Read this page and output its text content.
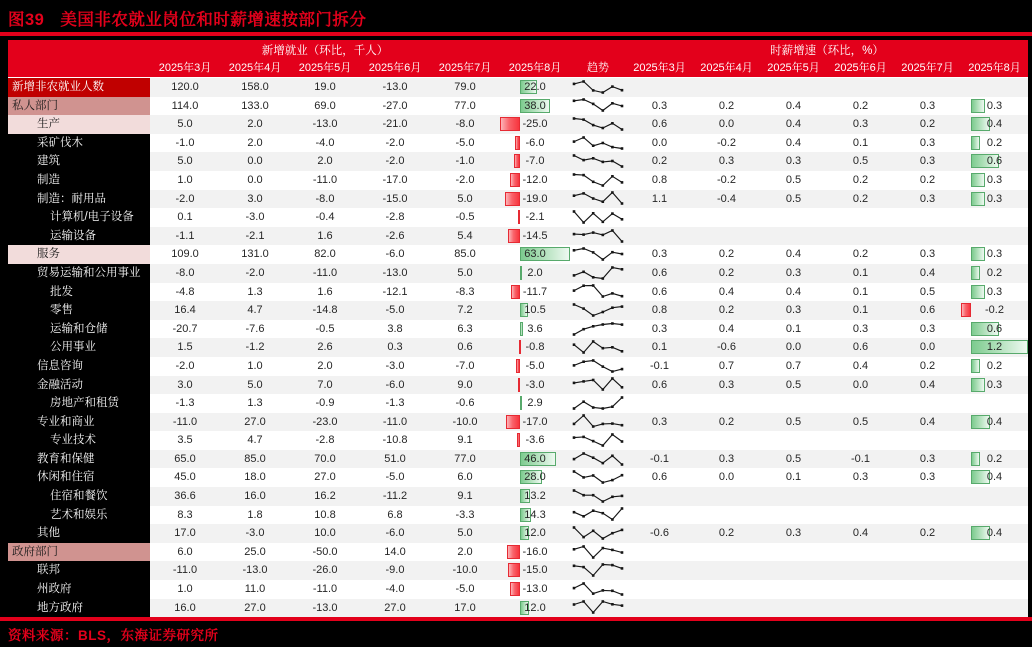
图39 美国非农就业岗位和时薪增速按部门拆分
新增就业（环比，千人）	时薪增速（环比，%）
2025年3月	2025年4月	2025年5月	2025年6月	2025年7月	2025年8月	趋势	2025年3月	2025年4月	2025年5月	2025年6月	2025年7月	2025年8月
新增非农就业人数	120.0	158.0	19.0	-13.0	79.0	22.0
私人部门	114.0	133.0	69.0	-27.0	77.0	38.0	0.3	0.2	0.4	0.2	0.3	0.3
生产	5.0	2.0	-13.0	-21.0	-8.0	-25.0	0.6	0.0	0.4	0.3	0.2	0.4
采矿伐木	-1.0	2.0	-4.0	-2.0	-5.0	-6.0	0.0	-0.2	0.4	0.1	0.3	0.2
建筑	5.0	0.0	2.0	-2.0	-1.0	-7.0	0.2	0.3	0.3	0.5	0.3	0.6
制造	1.0	0.0	-11.0	-17.0	-2.0	-12.0	0.8	-0.2	0.5	0.2	0.2	0.3
制造：耐用品	-2.0	3.0	-8.0	-15.0	5.0	-19.0	1.1	-0.4	0.5	0.2	0.3	0.3
计算机/电子设备	0.1	-3.0	-0.4	-2.8	-0.5	-2.1
运输设备	-1.1	-2.1	1.6	-2.6	5.4	-14.5
服务	109.0	131.0	82.0	-6.0	85.0	63.0	0.3	0.2	0.4	0.2	0.3	0.3
贸易运输和公用事业	-8.0	-2.0	-11.0	-13.0	5.0	2.0	0.6	0.2	0.3	0.1	0.4	0.2
批发	-4.8	1.3	1.6	-12.1	-8.3	-11.7	0.6	0.4	0.4	0.1	0.5	0.3
零售	16.4	4.7	-14.8	-5.0	7.2	10.5	0.8	0.2	0.3	0.1	0.6	-0.2
运输和仓储	-20.7	-7.6	-0.5	3.8	6.3	3.6	0.3	0.4	0.1	0.3	0.3	0.6
公用事业	1.5	-1.2	2.6	0.3	0.6	-0.8	0.1	-0.6	0.0	0.6	0.0	1.2
信息咨询	-2.0	1.0	2.0	-3.0	-7.0	-5.0	-0.1	0.7	0.7	0.4	0.2	0.2
金融活动	3.0	5.0	7.0	-6.0	9.0	-3.0	0.6	0.3	0.5	0.0	0.4	0.3
房地产和租赁	-1.3	1.3	-0.9	-1.3	-0.6	2.9
专业和商业	-11.0	27.0	-23.0	-11.0	-10.0	-17.0	0.3	0.2	0.5	0.5	0.4	0.4
专业技术	3.5	4.7	-2.8	-10.8	9.1	-3.6
教育和保健	65.0	85.0	70.0	51.0	77.0	46.0	-0.1	0.3	0.5	-0.1	0.3	0.2
休闲和住宿	45.0	18.0	27.0	-5.0	6.0	28.0	0.6	0.0	0.1	0.3	0.3	0.4
住宿和餐饮	36.6	16.0	16.2	-11.2	9.1	13.2
艺术和娱乐	8.3	1.8	10.8	6.8	-3.3	14.3
其他	17.0	-3.0	10.0	-6.0	5.0	12.0	-0.6	0.2	0.3	0.4	0.2	0.4
政府部门	6.0	25.0	-50.0	14.0	2.0	-16.0
联邦	-11.0	-13.0	-26.0	-9.0	-10.0	-15.0
州政府	1.0	11.0	-11.0	-4.0	-5.0	-13.0
地方政府	16.0	27.0	-13.0	27.0	17.0	12.0
资料来源：BLS，东海证券研究所
